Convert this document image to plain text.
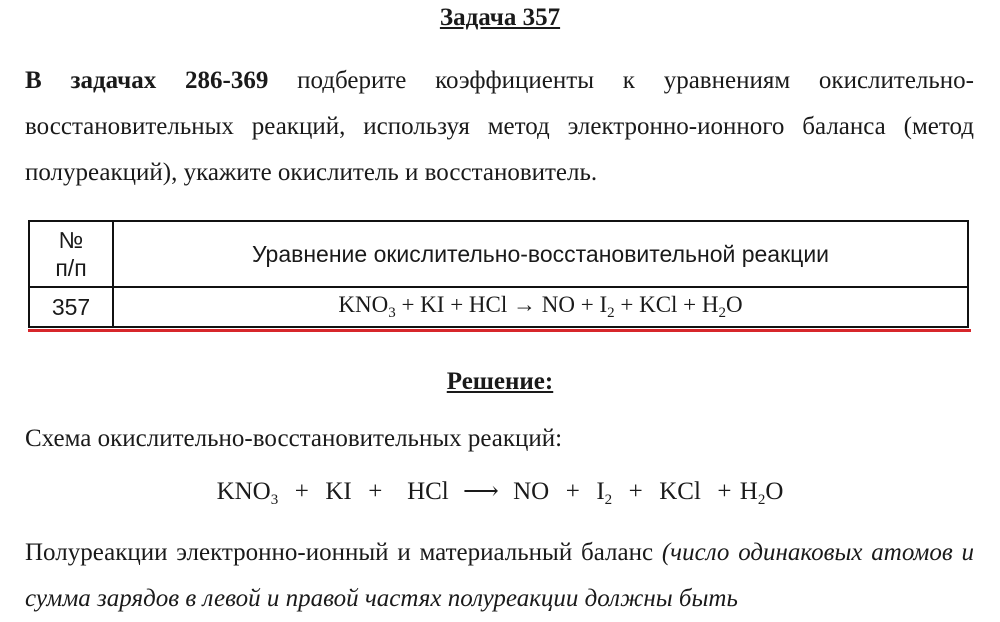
Задача 357
В задачах 286-369 подберите коэффициенты к уравнениям окислительно-восстановительных реакций, используя метод электронно-ионного баланса (метод полуреакций), укажите окислитель и восстановитель.
№
п/п	Уравнение окислительно-восстановительной реакции
357	$KNO_3$ + KI + HCl → NO + $I_2$ + KCl + $H_2O$
Решение:
Схема окислительно-восстановительных реакций:
$KNO_3$  +  KI  +   HCl ⟶ NO  +  $I_2$  +  KCl  + $H_2O$
Полуреакции электронно-ионный и материальный баланс (число одинаковых атомов и сумма зарядов в левой и правой частях полуреакции должны быть
